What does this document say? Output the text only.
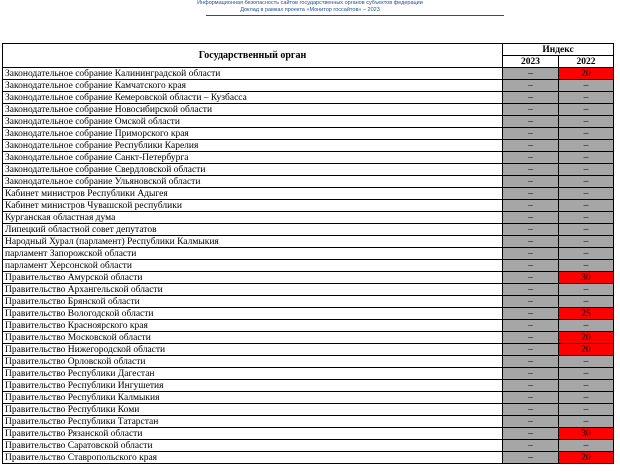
Информационная безопасность сайтов государственных органов субъектов федерации
Доклад в рамках проекта «Монитор госсайтов» – 2023
Государственный орган	Индекс	
	2023	2022
Законодательное собрание Калининградской области	–	20
Законодательное собрание Камчатского края	–	–
Законодательное собрание Кемеровской области – Кузбасса	–	–
Законодательное собрание Новосибирской области	–	–
Законодательное собрание Омской области	–	–
Законодательное собрание Приморского края	–	–
Законодательное собрание Республики Карелия	–	–
Законодательное собрание Санкт-Петербурга	–	–
Законодательное собрание Свердловской области	–	–
Законодательное собрание Ульяновской области	–	–
Кабинет министров Республики Адыгея	–	–
Кабинет министров Чувашской республики	–	–
Курганская областная дума	–	–
Липецкий областной совет депутатов	–	–
Народный Хурал (парламент) Республики Калмыкия	–	–
парламент Запорожской области	–	–
парламент Херсонской области	–	–
Правительство Амурской области	–	30
Правительство Архангельской области	–	–
Правительство Брянской области	–	–
Правительство Вологодской области	–	25
Правительство Красноярского края	–	–
Правительство Московской области	–	20
Правительство Нижегородской области	–	20
Правительство Орловской области	–	–
Правительство Республики Дагестан	–	–
Правительство Республики Ингушетия	–	–
Правительство Республики Калмыкия	–	–
Правительство Республики Коми	–	–
Правительство Республики Татарстан	–	–
Правительство Рязанской области	–	30
Правительство Саратовской области	–	–
Правительство Ставропольского края	–	20
